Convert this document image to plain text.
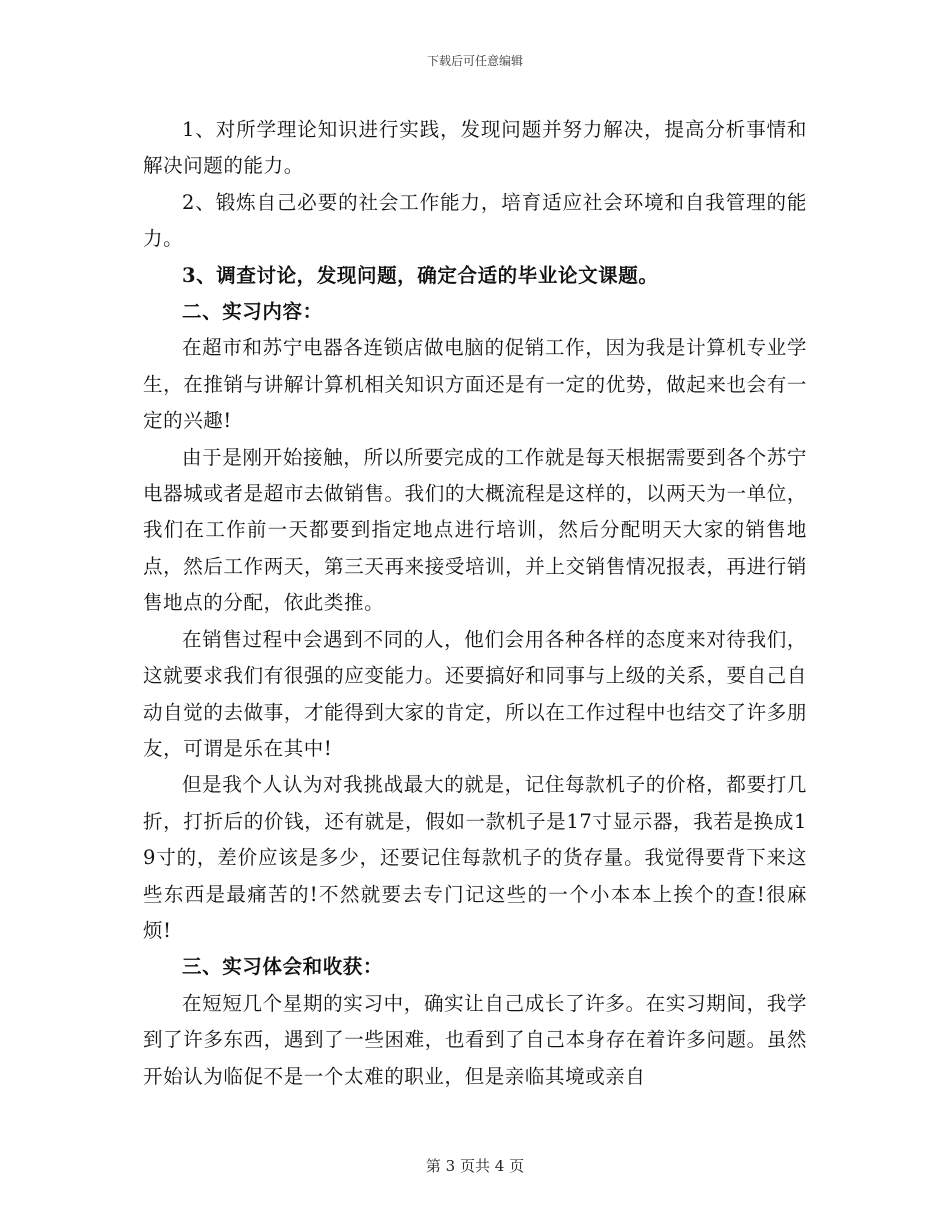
下载后可任意编辑

1、对所学理论知识进行实践，发现问题并努力解决，提高分析事情和解决问题的能力。

2、锻炼自己必要的社会工作能力，培育适应社会环境和自我管理的能力。

3、调查讨论，发现问题，确定合适的毕业论文课题。

二、实习内容：

在超市和苏宁电器各连锁店做电脑的促销工作，因为我是计算机专业学生，在推销与讲解计算机相关知识方面还是有一定的优势，做起来也会有一定的兴趣!

由于是刚开始接触，所以所要完成的工作就是每天根据需要到各个苏宁电器城或者是超市去做销售。我们的大概流程是这样的，以两天为一单位，我们在工作前一天都要到指定地点进行培训，然后分配明天大家的销售地点，然后工作两天，第三天再来接受培训，并上交销售情况报表，再进行销售地点的分配，依此类推。

在销售过程中会遇到不同的人，他们会用各种各样的态度来对待我们，这就要求我们有很强的应变能力。还要搞好和同事与上级的关系，要自己自动自觉的去做事，才能得到大家的肯定，所以在工作过程中也结交了许多朋友，可谓是乐在其中!

但是我个人认为对我挑战最大的就是，记住每款机子的价格，都要打几折，打折后的价钱，还有就是，假如一款机子是17寸显示器，我若是换成19寸的，差价应该是多少，还要记住每款机子的货存量。我觉得要背下来这些东西是最痛苦的!不然就要去专门记这些的一个小本本上挨个的查!很麻烦!

三、实习体会和收获：

在短短几个星期的实习中，确实让自己成长了许多。在实习期间，我学到了许多东西，遇到了一些困难，也看到了自己本身存在着许多问题。虽然开始认为临促不是一个太难的职业，但是亲临其境或亲自

第 3 页共 4 页
